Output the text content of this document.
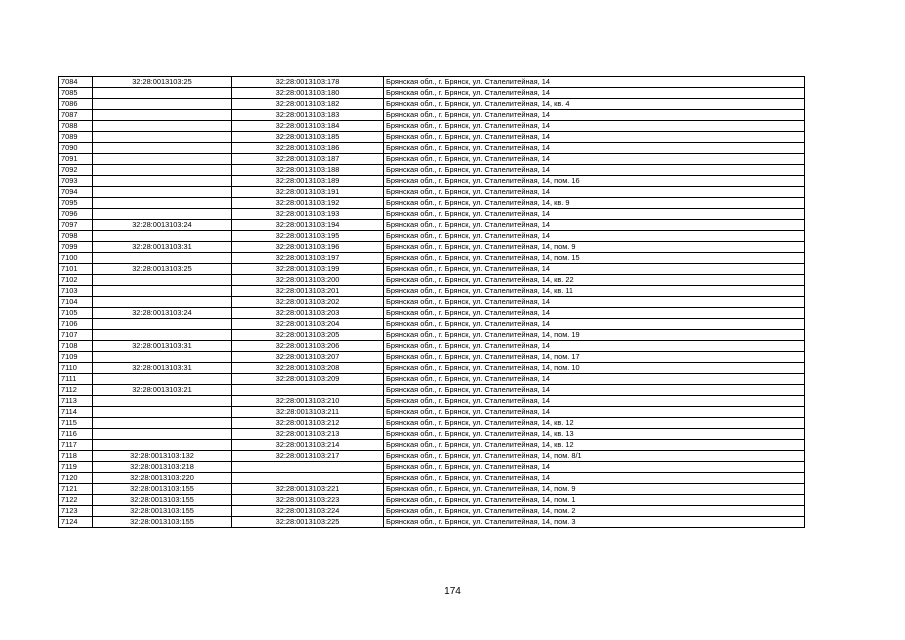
7084	32:28:0013103:25	32:28:0013103:178	Брянская обл., г. Брянск, ул. Сталелитейная, 14
7085		32:28:0013103:180	Брянская обл., г. Брянск, ул. Сталелитейная, 14
7086		32:28:0013103:182	Брянская обл., г. Брянск, ул. Сталелитейная, 14, кв. 4
7087		32:28:0013103:183	Брянская обл., г. Брянск, ул. Сталелитейная, 14
7088		32:28:0013103:184	Брянская обл., г. Брянск, ул. Сталелитейная, 14
7089		32:28:0013103:185	Брянская обл., г. Брянск, ул. Сталелитейная, 14
7090		32:28:0013103:186	Брянская обл., г. Брянск, ул. Сталелитейная, 14
7091		32:28:0013103:187	Брянская обл., г. Брянск, ул. Сталелитейная, 14
7092		32:28:0013103:188	Брянская обл., г. Брянск, ул. Сталелитейная, 14
7093		32:28:0013103:189	Брянская обл., г. Брянск, ул. Сталелитейная, 14, пом. 16
7094		32:28:0013103:191	Брянская обл., г. Брянск, ул. Сталелитейная, 14
7095		32:28:0013103:192	Брянская обл., г. Брянск, ул. Сталелитейная, 14, кв. 9
7096		32:28:0013103:193	Брянская обл., г. Брянск, ул. Сталелитейная, 14
7097	32:28:0013103:24	32:28:0013103:194	Брянская обл., г. Брянск, ул. Сталелитейная, 14
7098		32:28:0013103:195	Брянская обл., г. Брянск, ул. Сталелитейная, 14
7099	32:28:0013103:31	32:28:0013103:196	Брянская обл., г. Брянск, ул. Сталелитейная, 14, пом. 9
7100		32:28:0013103:197	Брянская обл., г. Брянск, ул. Сталелитейная, 14, пом. 15
7101	32:28:0013103:25	32:28:0013103:199	Брянская обл., г. Брянск, ул. Сталелитейная, 14
7102		32:28:0013103:200	Брянская обл., г. Брянск, ул. Сталелитейная, 14, кв. 22
7103		32:28:0013103:201	Брянская обл., г. Брянск, ул. Сталелитейная, 14, кв. 11
7104		32:28:0013103:202	Брянская обл., г. Брянск, ул. Сталелитейная, 14
7105	32:28:0013103:24	32:28:0013103:203	Брянская обл., г. Брянск, ул. Сталелитейная, 14
7106		32:28:0013103:204	Брянская обл., г. Брянск, ул. Сталелитейная, 14
7107		32:28:0013103:205	Брянская обл., г. Брянск, ул. Сталелитейная, 14, пом. 19
7108	32:28:0013103:31	32:28:0013103:206	Брянская обл., г. Брянск, ул. Сталелитейная, 14
7109		32:28:0013103:207	Брянская обл., г. Брянск, ул. Сталелитейная, 14, пом. 17
7110	32:28:0013103:31	32:28:0013103:208	Брянская обл., г. Брянск, ул. Сталелитейная, 14, пом. 10
7111		32:28:0013103:209	Брянская обл., г. Брянск, ул. Сталелитейная, 14
7112	32:28:0013103:21		Брянская обл., г. Брянск, ул. Сталелитейная, 14
7113		32:28:0013103:210	Брянская обл., г. Брянск, ул. Сталелитейная, 14
7114		32:28:0013103:211	Брянская обл., г. Брянск, ул. Сталелитейная, 14
7115		32:28:0013103:212	Брянская обл., г. Брянск, ул. Сталелитейная, 14, кв. 12
7116		32:28:0013103:213	Брянская обл., г. Брянск, ул. Сталелитейная, 14, кв. 13
7117		32:28:0013103:214	Брянская обл., г. Брянск, ул. Сталелитейная, 14, кв. 12
7118	32:28:0013103:132	32:28:0013103:217	Брянская обл., г. Брянск, ул. Сталелитейная, 14, пом. 8/1
7119	32:28:0013103:218		Брянская обл., г. Брянск, ул. Сталелитейная, 14
7120	32:28:0013103:220		Брянская обл., г. Брянск, ул. Сталелитейная, 14
7121	32:28:0013103:155	32:28:0013103:221	Брянская обл., г. Брянск, ул. Сталелитейная, 14, пом. 9
7122	32:28:0013103:155	32:28:0013103:223	Брянская обл., г. Брянск, ул. Сталелитейная, 14, пом. 1
7123	32:28:0013103:155	32:28:0013103:224	Брянская обл., г. Брянск, ул. Сталелитейная, 14, пом. 2
7124	32:28:0013103:155	32:28:0013103:225	Брянская обл., г. Брянск, ул. Сталелитейная, 14, пом. 3
174
